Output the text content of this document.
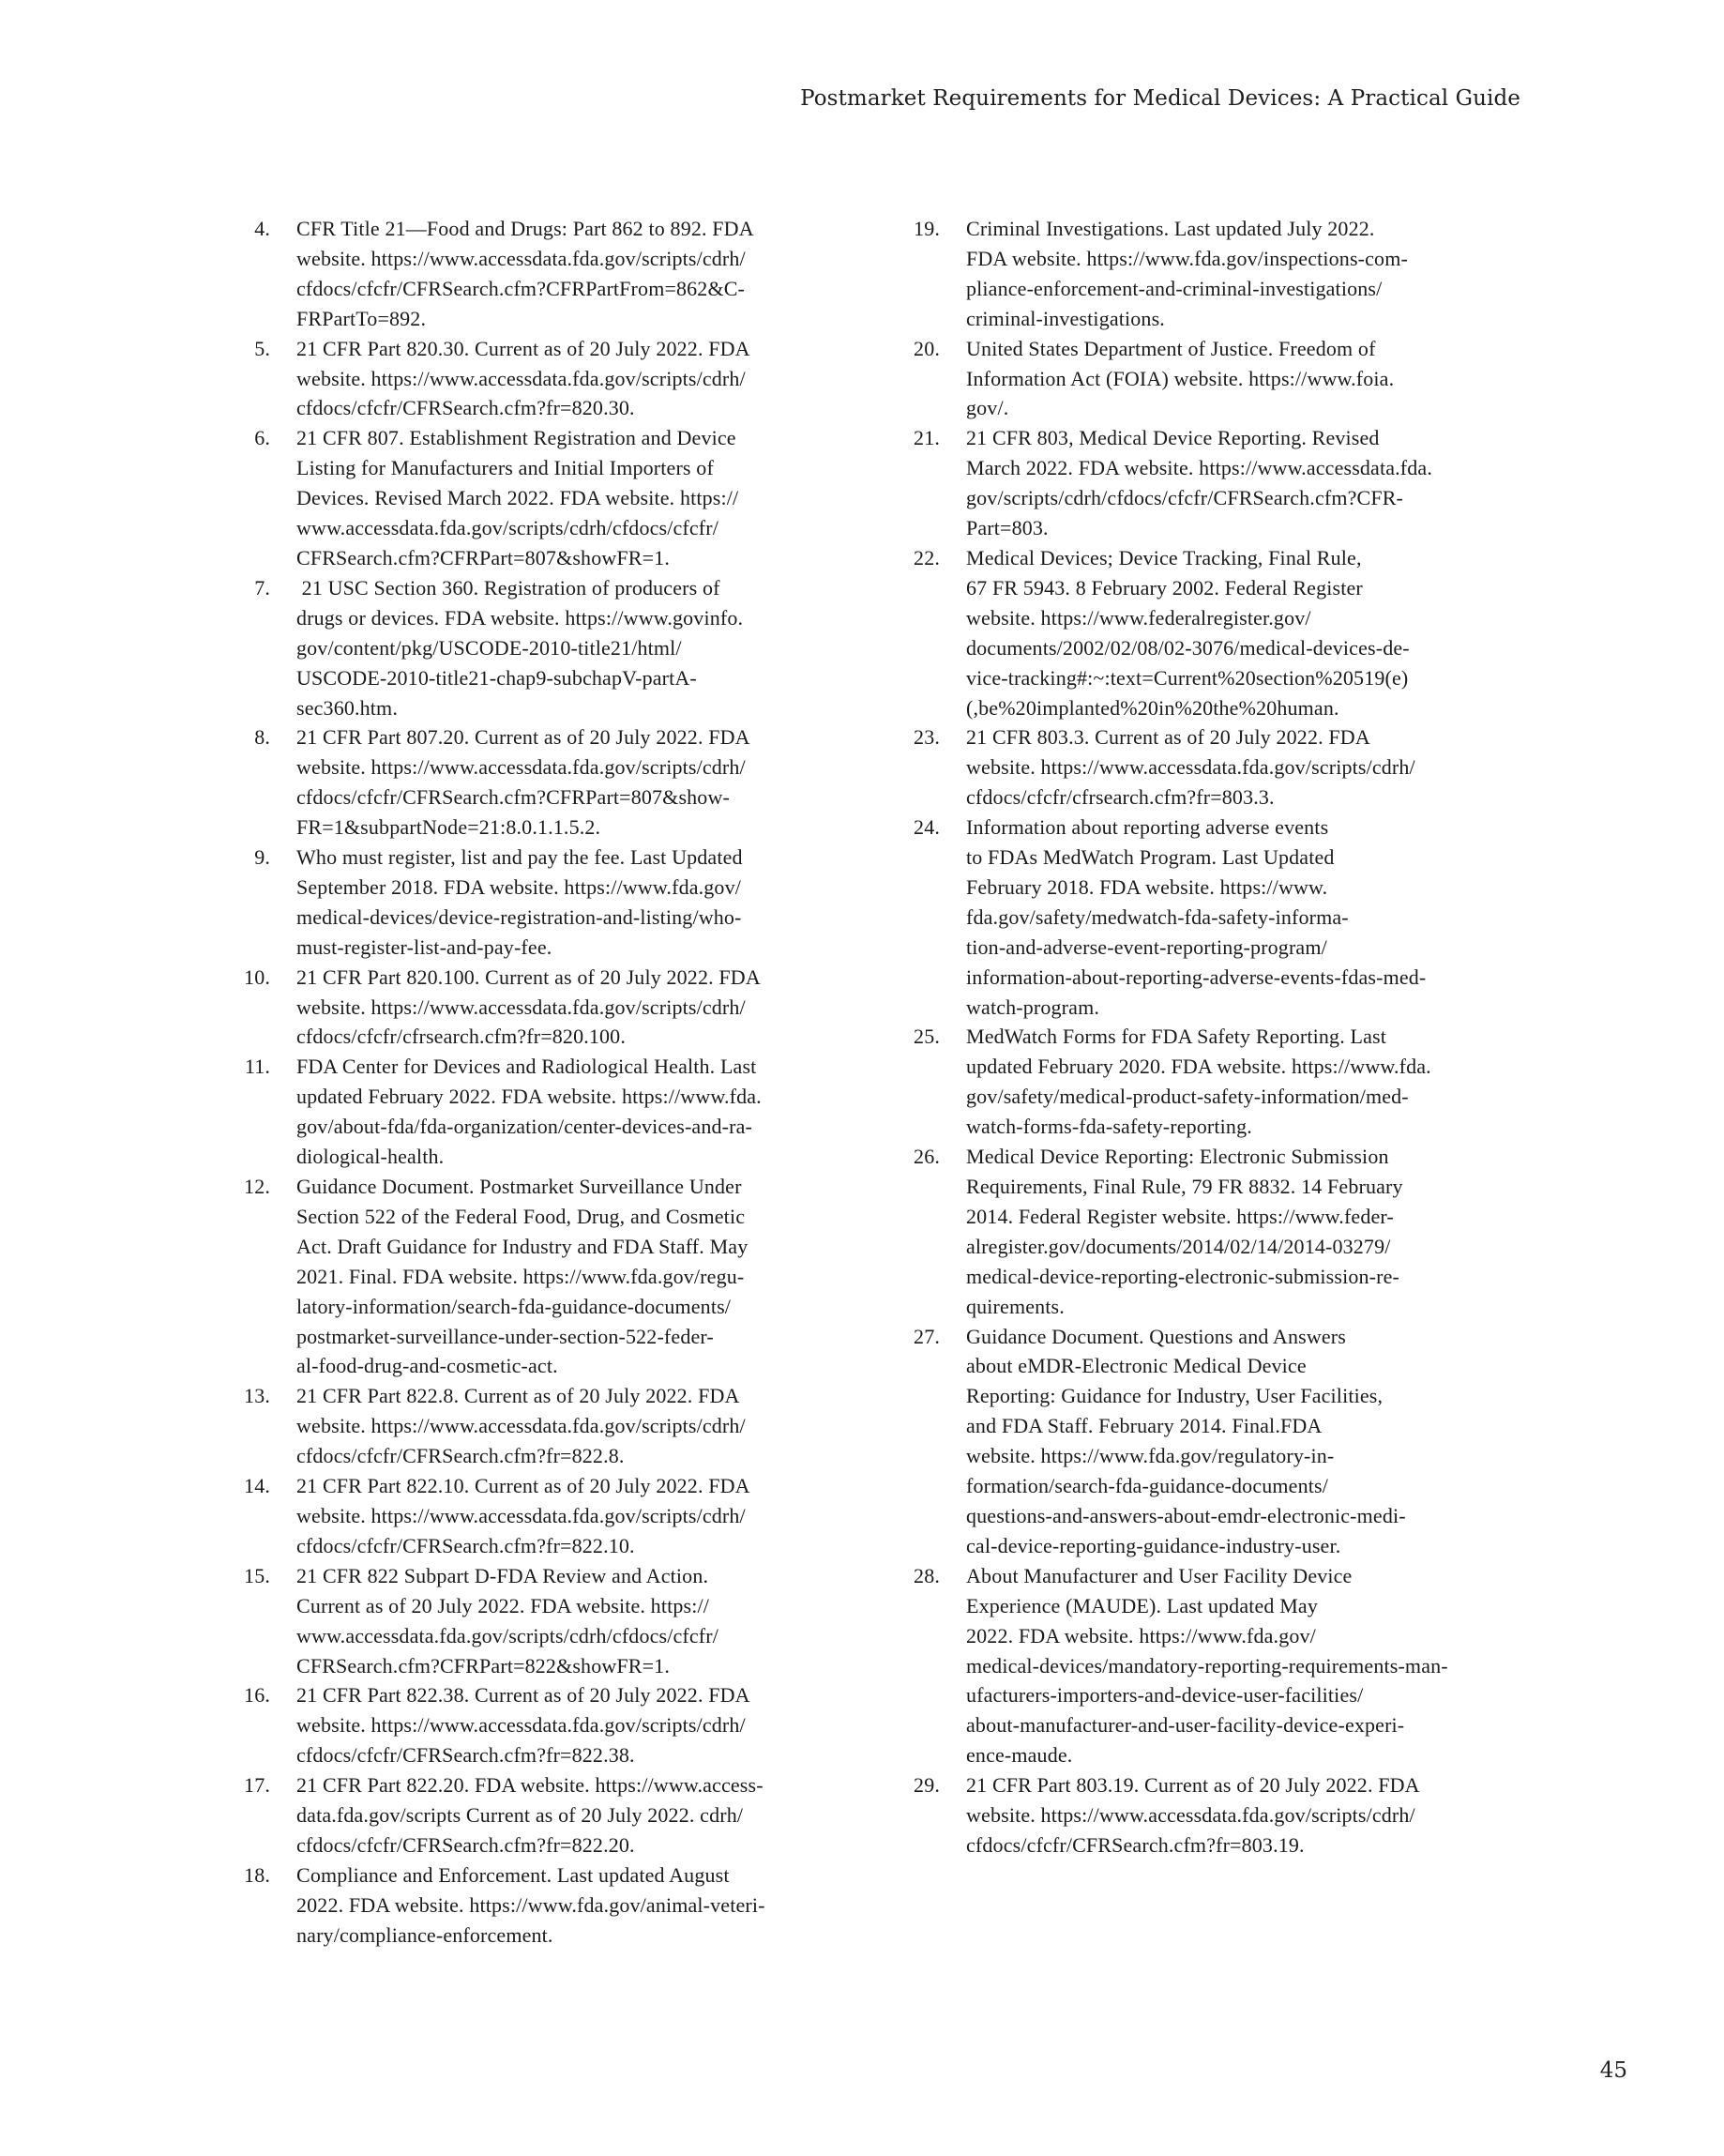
Postmarket Requirements for Medical Devices: A Practical Guide
4. CFR Title 21—Food and Drugs: Part 862 to 892. FDA
website. https://www.accessdata.fda.gov/scripts/cdrh/
cfdocs/cfcfr/CFRSearch.cfm?CFRPartFrom=862&C-
FRPartTo=892.
5. 21 CFR Part 820.30. Current as of 20 July 2022. FDA
website. https://www.accessdata.fda.gov/scripts/cdrh/
cfdocs/cfcfr/CFRSearch.cfm?fr=820.30.
6. 21 CFR 807. Establishment Registration and Device
Listing for Manufacturers and Initial Importers of
Devices. Revised March 2022. FDA website. https://
www.accessdata.fda.gov/scripts/cdrh/cfdocs/cfcfr/
CFRSearch.cfm?CFRPart=807&showFR=1.
7. 21 USC Section 360. Registration of producers of
drugs or devices. FDA website. https://www.govinfo.
gov/content/pkg/USCODE-2010-title21/html/
USCODE-2010-title21-chap9-subchapV-partA-
sec360.htm.
8. 21 CFR Part 807.20. Current as of 20 July 2022. FDA
website. https://www.accessdata.fda.gov/scripts/cdrh/
cfdocs/cfcfr/CFRSearch.cfm?CFRPart=807&show-
FR=1&subpartNode=21:8.0.1.1.5.2.
9. Who must register, list and pay the fee. Last Updated
September 2018. FDA website. https://www.fda.gov/
medical-devices/device-registration-and-listing/who-
must-register-list-and-pay-fee.
10. 21 CFR Part 820.100. Current as of 20 July 2022. FDA
website. https://www.accessdata.fda.gov/scripts/cdrh/
cfdocs/cfcfr/cfrsearch.cfm?fr=820.100.
11. FDA Center for Devices and Radiological Health. Last
updated February 2022. FDA website. https://www.fda.
gov/about-fda/fda-organization/center-devices-and-ra-
diological-health.
12. Guidance Document. Postmarket Surveillance Under
Section 522 of the Federal Food, Drug, and Cosmetic
Act. Draft Guidance for Industry and FDA Staff. May
2021. Final. FDA website. https://www.fda.gov/regu-
latory-information/search-fda-guidance-documents/
postmarket-surveillance-under-section-522-feder-
al-food-drug-and-cosmetic-act.
13. 21 CFR Part 822.8. Current as of 20 July 2022. FDA
website. https://www.accessdata.fda.gov/scripts/cdrh/
cfdocs/cfcfr/CFRSearch.cfm?fr=822.8.
14. 21 CFR Part 822.10. Current as of 20 July 2022. FDA
website. https://www.accessdata.fda.gov/scripts/cdrh/
cfdocs/cfcfr/CFRSearch.cfm?fr=822.10.
15. 21 CFR 822 Subpart D-FDA Review and Action.
Current as of 20 July 2022. FDA website. https://
www.accessdata.fda.gov/scripts/cdrh/cfdocs/cfcfr/
CFRSearch.cfm?CFRPart=822&showFR=1.
16. 21 CFR Part 822.38. Current as of 20 July 2022. FDA
website. https://www.accessdata.fda.gov/scripts/cdrh/
cfdocs/cfcfr/CFRSearch.cfm?fr=822.38.
17. 21 CFR Part 822.20. FDA website. https://www.access-
data.fda.gov/scripts Current as of 20 July 2022. cdrh/
cfdocs/cfcfr/CFRSearch.cfm?fr=822.20.
18. Compliance and Enforcement. Last updated August
2022. FDA website. https://www.fda.gov/animal-veteri-
nary/compliance-enforcement.
19. Criminal Investigations. Last updated July 2022.
FDA website. https://www.fda.gov/inspections-com-
pliance-enforcement-and-criminal-investigations/
criminal-investigations.
20. United States Department of Justice. Freedom of
Information Act (FOIA) website. https://www.foia.
gov/.
21. 21 CFR 803, Medical Device Reporting. Revised
March 2022. FDA website. https://www.accessdata.fda.
gov/scripts/cdrh/cfdocs/cfcfr/CFRSearch.cfm?CFR-
Part=803.
22. Medical Devices; Device Tracking, Final Rule,
67 FR 5943. 8 February 2002. Federal Register
website. https://www.federalregister.gov/
documents/2002/02/08/02-3076/medical-devices-de-
vice-tracking#:~:text=Current%20section%20519(e)
(,be%20implanted%20in%20the%20human.
23. 21 CFR 803.3. Current as of 20 July 2022. FDA
website. https://www.accessdata.fda.gov/scripts/cdrh/
cfdocs/cfcfr/cfrsearch.cfm?fr=803.3.
24. Information about reporting adverse events
to FDAs MedWatch Program. Last Updated
February 2018. FDA website. https://www.
fda.gov/safety/medwatch-fda-safety-informa-
tion-and-adverse-event-reporting-program/
information-about-reporting-adverse-events-fdas-med-
watch-program.
25. MedWatch Forms for FDA Safety Reporting. Last
updated February 2020. FDA website. https://www.fda.
gov/safety/medical-product-safety-information/med-
watch-forms-fda-safety-reporting.
26. Medical Device Reporting: Electronic Submission
Requirements, Final Rule, 79 FR 8832. 14 February
2014. Federal Register website. https://www.feder-
alregister.gov/documents/2014/02/14/2014-03279/
medical-device-reporting-electronic-submission-re-
quirements.
27. Guidance Document. Questions and Answers
about eMDR-Electronic Medical Device
Reporting: Guidance for Industry, User Facilities,
and FDA Staff. February 2014. Final.FDA
website. https://www.fda.gov/regulatory-in-
formation/search-fda-guidance-documents/
questions-and-answers-about-emdr-electronic-medi-
cal-device-reporting-guidance-industry-user.
28. About Manufacturer and User Facility Device
Experience (MAUDE). Last updated May
2022. FDA website. https://www.fda.gov/
medical-devices/mandatory-reporting-requirements-man-
ufacturers-importers-and-device-user-facilities/
about-manufacturer-and-user-facility-device-experi-
ence-maude.
29. 21 CFR Part 803.19. Current as of 20 July 2022. FDA
website. https://www.accessdata.fda.gov/scripts/cdrh/
cfdocs/cfcfr/CFRSearch.cfm?fr=803.19.
45
